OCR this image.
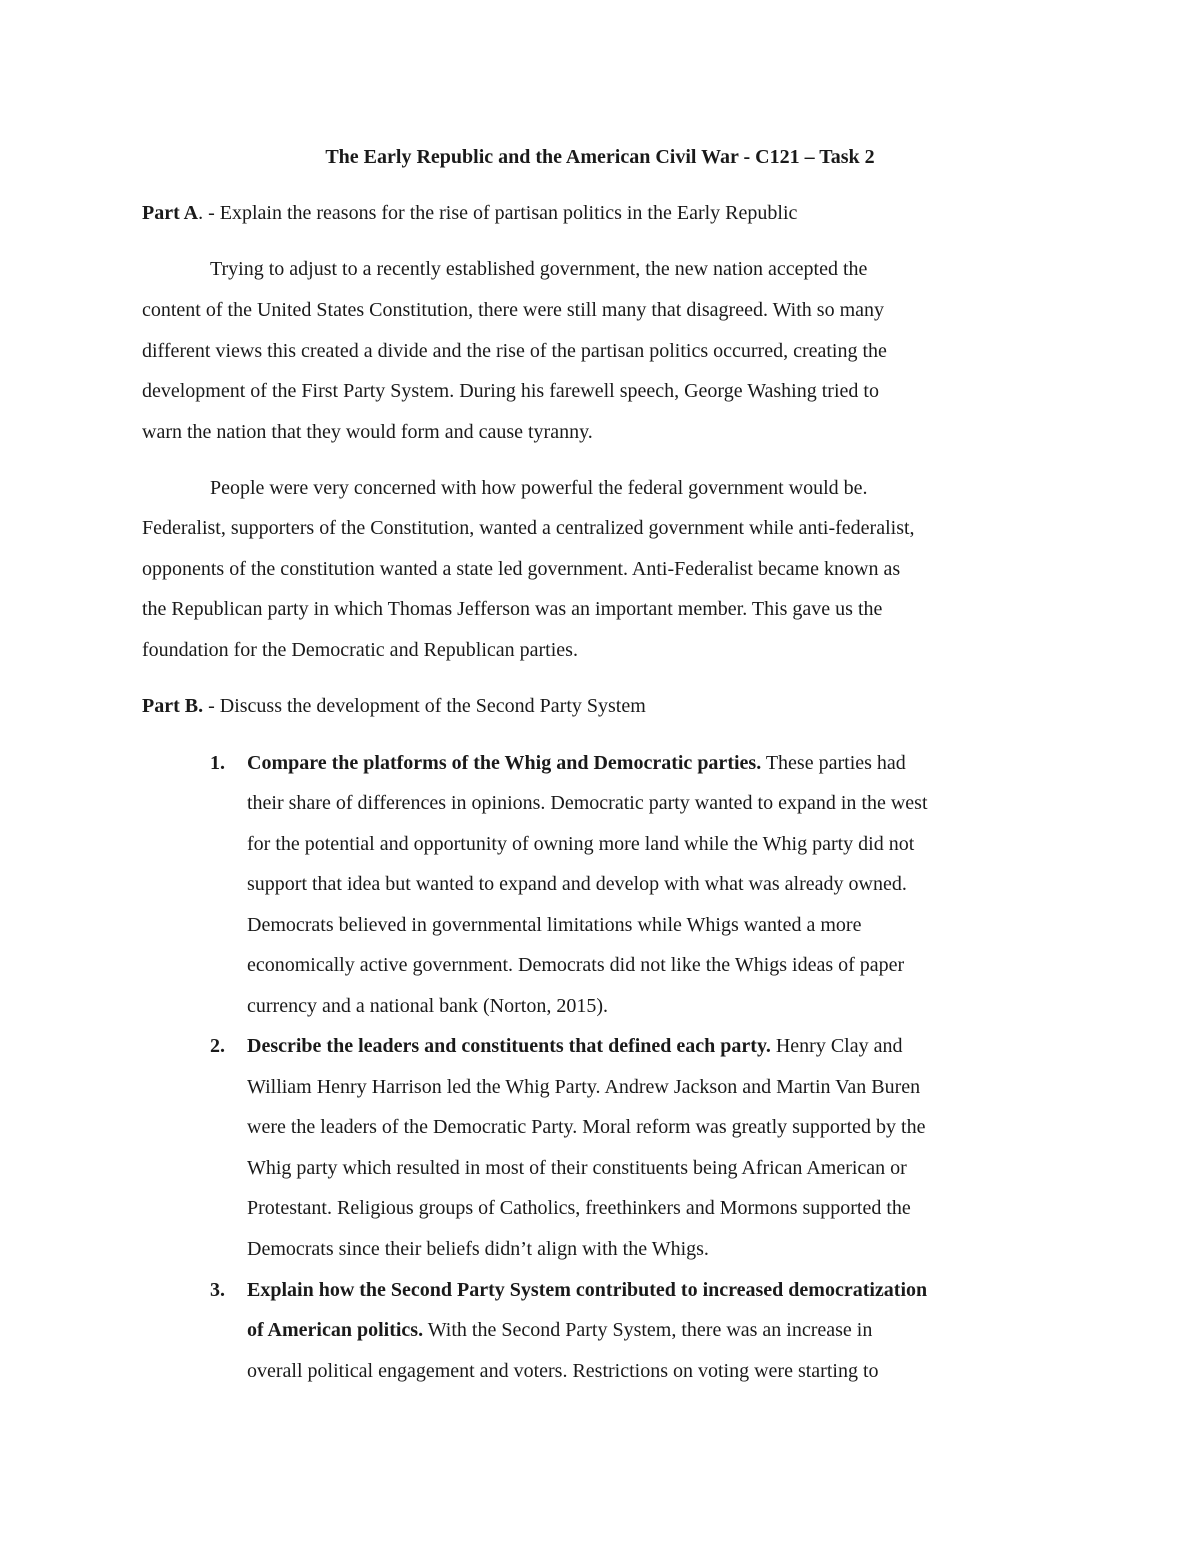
The Early Republic and the American Civil War - C121 – Task 2
Part A. - Explain the reasons for the rise of partisan politics in the Early Republic
Trying to adjust to a recently established government, the new nation accepted the
content of the United States Constitution, there were still many that disagreed. With so many
different views this created a divide and the rise of the partisan politics occurred, creating the
development of the First Party System. During his farewell speech, George Washing tried to
warn the nation that they would form and cause tyranny.
People were very concerned with how powerful the federal government would be.
Federalist, supporters of the Constitution, wanted a centralized government while anti-federalist,
opponents of the constitution wanted a state led government. Anti-Federalist became known as
the Republican party in which Thomas Jefferson was an important member. This gave us the
foundation for the Democratic and Republican parties.
Part B. - Discuss the development of the Second Party System
1. Compare the platforms of the Whig and Democratic parties. These parties had
their share of differences in opinions. Democratic party wanted to expand in the west
for the potential and opportunity of owning more land while the Whig party did not
support that idea but wanted to expand and develop with what was already owned.
Democrats believed in governmental limitations while Whigs wanted a more
economically active government. Democrats did not like the Whigs ideas of paper
currency and a national bank (Norton, 2015).
2. Describe the leaders and constituents that defined each party. Henry Clay and
William Henry Harrison led the Whig Party. Andrew Jackson and Martin Van Buren
were the leaders of the Democratic Party. Moral reform was greatly supported by the
Whig party which resulted in most of their constituents being African American or
Protestant. Religious groups of Catholics, freethinkers and Mormons supported the
Democrats since their beliefs didn’t align with the Whigs.
3. Explain how the Second Party System contributed to increased democratization
of American politics. With the Second Party System, there was an increase in
overall political engagement and voters. Restrictions on voting were starting to
